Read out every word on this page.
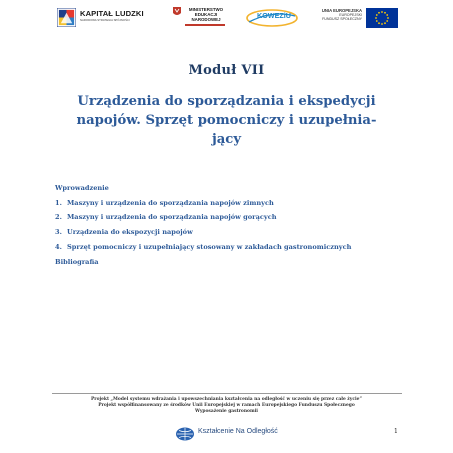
KAPITAŁ LUDZKI
NARODOWA STRATEGIA SPÓJNOŚCI
MINISTERSTWO
EDUKACJI
NARODOWEJ	KOWEZiU
UNIA EUROPEJSKA
EUROPEJSKI
FUNDUSZ SPOŁECZNY
Moduł VII
Urządzenia do sporządzania i ekspedycji
napojów. Sprzęt pomocniczy i uzupełnia-
jący
Wprowadzenie
1. Maszyny i urządzenia do sporządzania napojów zimnych
2. Maszyny i urządzenia do sporządzania napojów gorących
3. Urządzenia do ekspozycji napojów
4. Sprzęt pomocniczy i uzupełniający stosowany w zakładach gastronomicznych
Bibliografia
Projekt „Model systemu wdrażania i upowszechniania kształcenia na odległość w uczeniu się przez całe życie”
Projekt współfinansowany ze środków Unii Europejskiej w ramach Europejskiego Funduszu Społecznego
Wyposażenie gastronomii
Kształcenie Na Odległość	1
